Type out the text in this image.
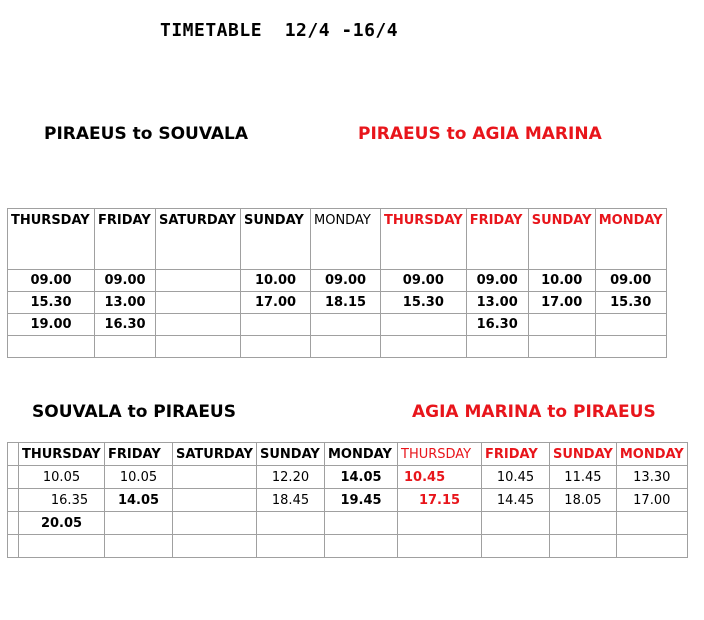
TIMETABLE  12/4 -16/4
PIRAEUS to SOUVALA	PIRAEUS to AGIA MARINA
THURSDAY	FRIDAY	SATURDAY	SUNDAY	MONDAY	THURSDAY	FRIDAY	SUNDAY	MONDAY
09.00	09.00		10.00	09.00	09.00	09.00	10.00	09.00
15.30	13.00		17.00	18.15	15.30	13.00	17.00	15.30
19.00	16.30					16.30		

SOUVALA to PIRAEUS	AGIA MARINA to PIRAEUS
	THURSDAY	FRIDAY	SATURDAY	SUNDAY	MONDAY	THURSDAY	FRIDAY	SUNDAY	MONDAY
	10.05	10.05		12.20	14.05	10.45	10.45	11.45	13.30
	16.35	14.05		18.45	19.45	17.15	14.45	18.05	17.00
	20.05								
